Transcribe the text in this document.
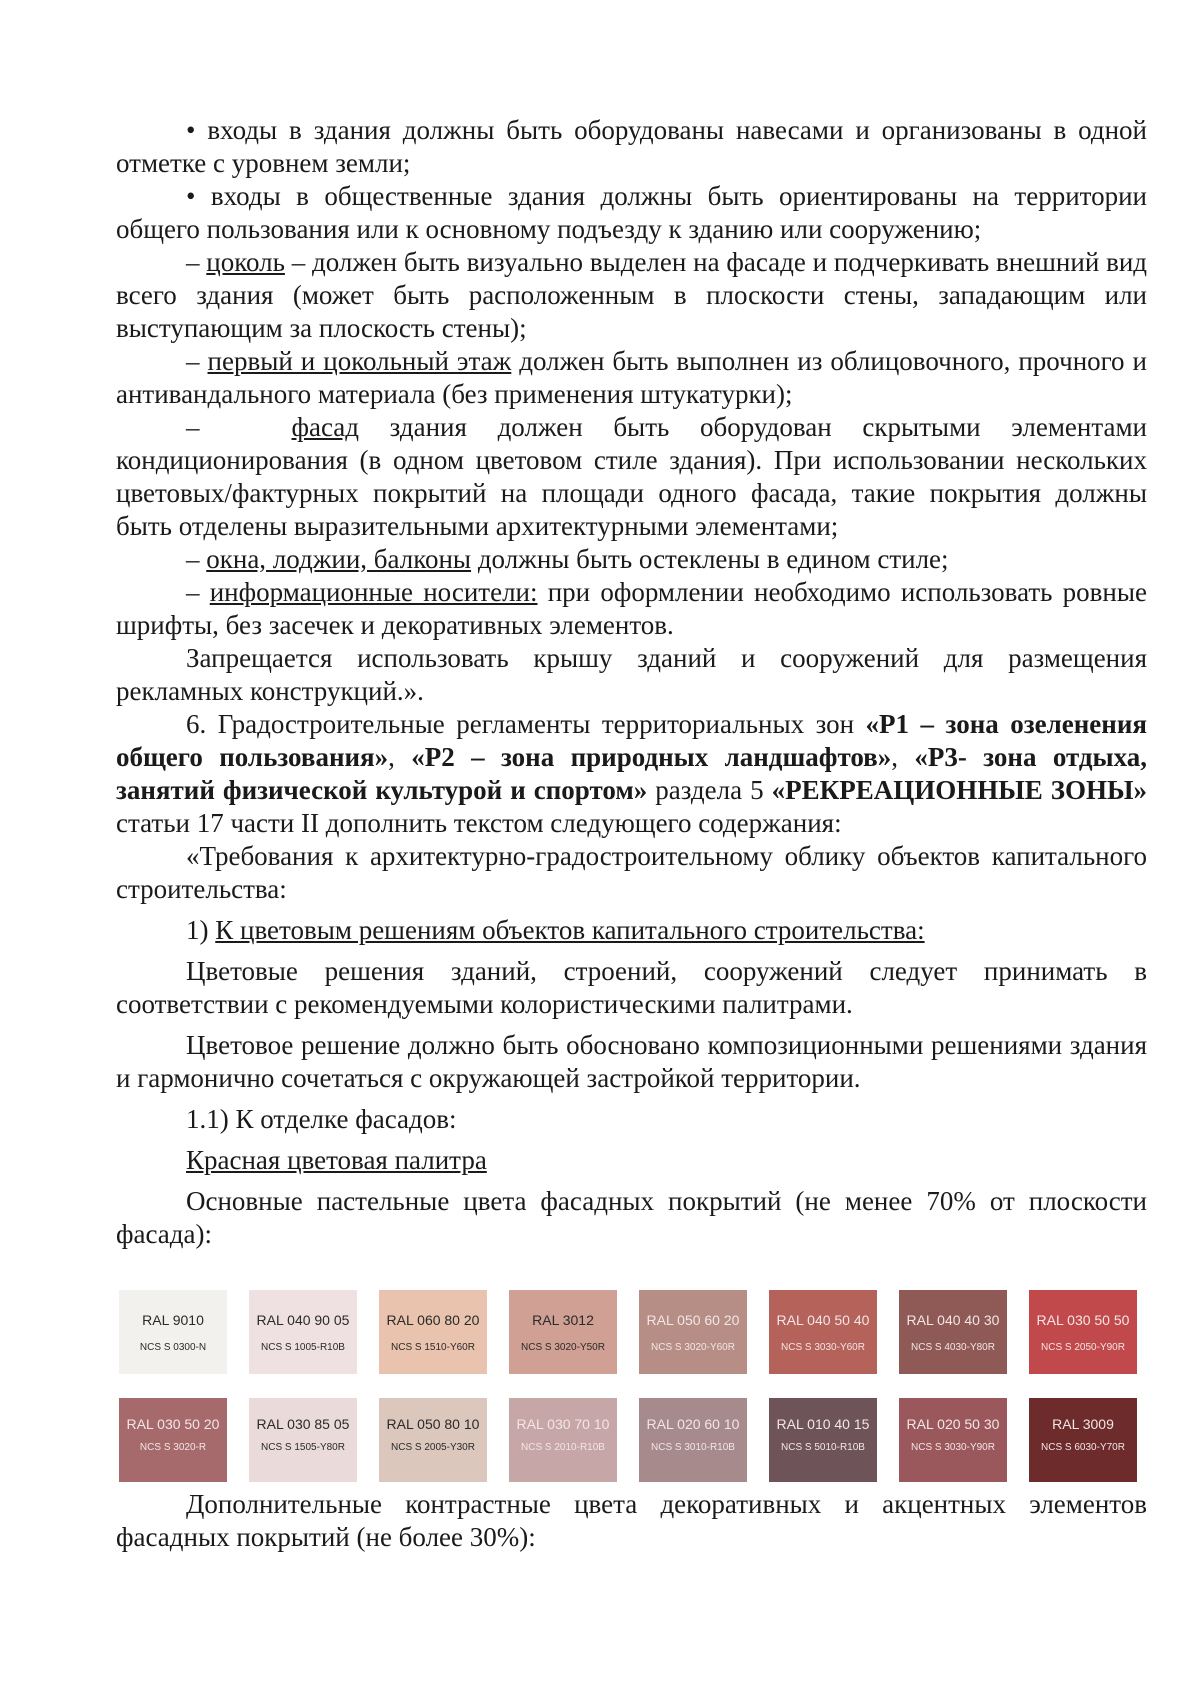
• входы в здания должны быть оборудованы навесами и организованы в одной отметке с уровнем земли;

• входы в общественные здания должны быть ориентированы на территории общего пользования или к основному подъезду к зданию или сооружению;

– цоколь – должен быть визуально выделен на фасаде и подчеркивать внешний вид всего здания (может быть расположенным в плоскости стены, западающим или выступающим за плоскость стены);

– первый и цокольный этаж должен быть выполнен из облицовочного, прочного и антивандального материала (без применения штукатурки);

–	фасад здания должен быть оборудован скрытыми элементами кондиционирования (в одном цветовом стиле здания). При использовании нескольких цветовых/фактурных покрытий на площади одного фасада, такие покрытия должны быть отделены выразительными архитектурными элементами;

– окна, лоджии, балконы должны быть остеклены в едином стиле;

– информационные носители: при оформлении необходимо использовать ровные шрифты, без засечек и декоративных элементов.

Запрещается использовать крышу зданий и сооружений для размещения рекламных конструкций.».

6. Градостроительные регламенты территориальных зон «Р1 – зона озеленения общего пользования», «Р2 – зона природных ландшафтов», «Р3- зона отдыха, занятий физической культурой и спортом» раздела 5 «РЕКРЕАЦИОННЫЕ ЗОНЫ» статьи 17 части II дополнить текстом следующего содержания:

«Требования к архитектурно-градостроительному облику объектов капитального строительства:

1) К цветовым решениям объектов капитального строительства:

Цветовые решения зданий, строений, сооружений следует принимать в соответствии с рекомендуемыми колористическими палитрами.

Цветовое решение должно быть обосновано композиционными решениями здания и гармонично сочетаться с окружающей застройкой территории.

1.1) К отделке фасадов:

Красная цветовая палитра

Основные пастельные цвета фасадных покрытий (не менее 70% от плоскости фасада):

RAL 9010
NCS S 0300-N
RAL 040 90 05
NCS S 1005-R10B
RAL 060 80 20
NCS S 1510-Y60R
RAL 3012
NCS S 3020-Y50R
RAL 050 60 20
NCS S 3020-Y60R
RAL 040 50 40
NCS S 3030-Y60R
RAL 040 40 30
NCS S 4030-Y80R
RAL 030 50 50
NCS S 2050-Y90R
RAL 030 50 20
NCS S 3020-R
RAL 030 85 05
NCS S 1505-Y80R
RAL 050 80 10
NCS S 2005-Y30R
RAL 030 70 10
NCS S 2010-R10B
RAL 020 60 10
NCS S 3010-R10B
RAL 010 40 15
NCS S 5010-R10B
RAL 020 50 30
NCS S 3030-Y90R
RAL 3009
NCS S 6030-Y70R

Дополнительные контрастные цвета декоративных и акцентных элементов фасадных покрытий (не более 30%):
